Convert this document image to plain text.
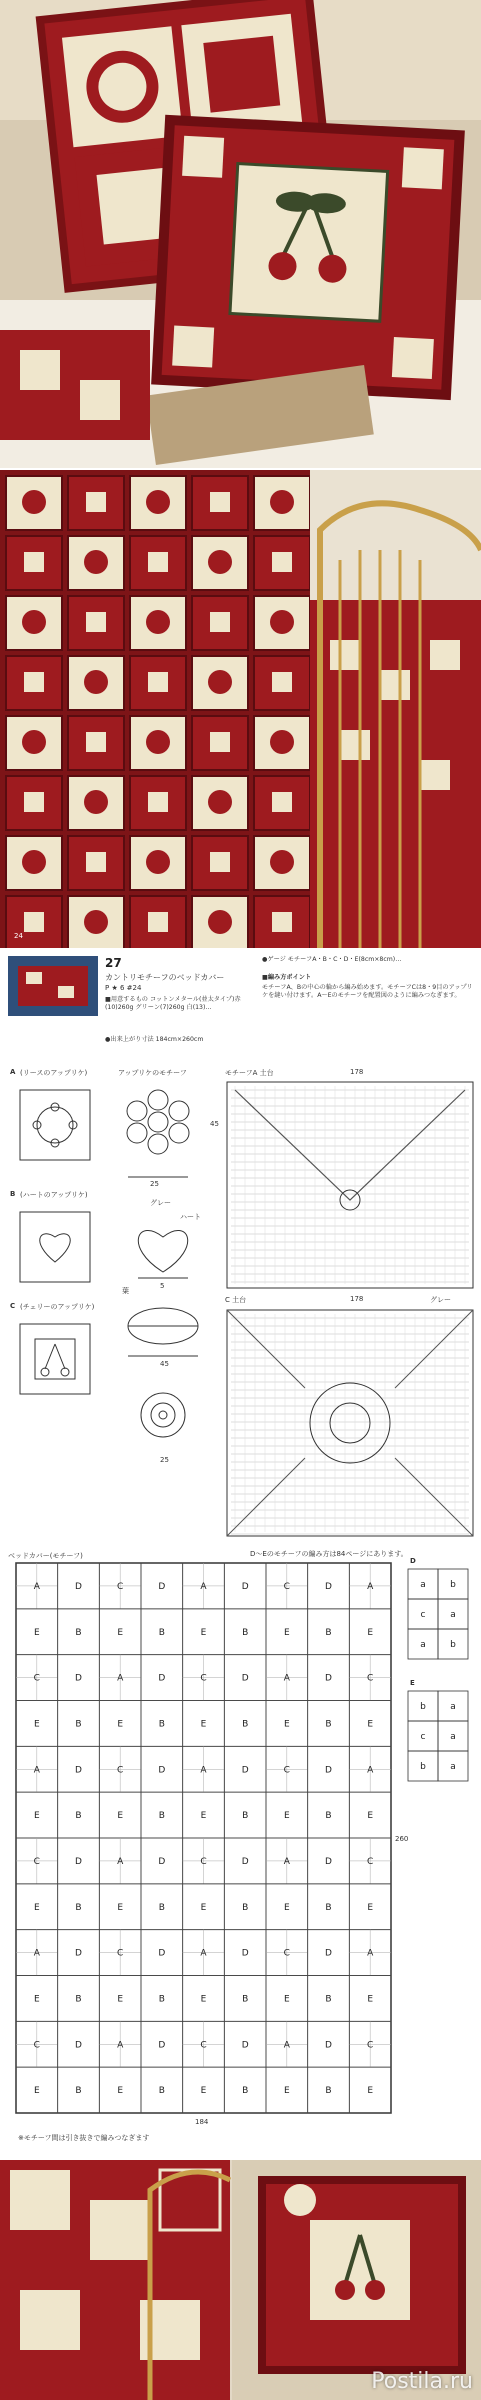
24
27
カントリモチーフのベッドカバー
P ★ 6 #24
■用意するもの コットンメタール(並太タイプ)赤(10)260g グリーン(7)260g 白(13)…
●出来上がり寸法 184cm×260cm
●ゲージ モチーフA・B・C・D・E(8cm×8cm)…
■編み方ポイント
モチーフA、Bの中心の輪から編み始めます。モチーフCは8・9目のアップリケを縫い付けます。A〜Eのモチーフを配置図のように編みつなぎます。
A (リースのアップリケ)
B (ハートのアップリケ)
C (チェリーのアップリケ)
アップリケのモチーフ
25
45
グレー
ハート
5
葉
45
25
モチーフA 土台	178
C 土台	178	グレー
ベッドカバー(モチーフ)	D〜Eのモチーフの編み方は84ページにあります。
A	D	C	D	A	D	C	D	A
E	B	E	B	E	B	E	B	E
C	D	A	D	C	D	A	D	C
E	B	E	B	E	B	E	B	E
A	D	C	D	A	D	C	D	A
E	B	E	B	E	B	E	B	E
C	D	A	D	C	D	A	D	C
E	B	E	B	E	B	E	B	E
A	D	C	D	A	D	C	D	A
E	B	E	B	E	B	E	B	E
C	D	A	D	C	D	A	D	C
E	B	E	B	E	B	E	B	E
a	b
c	a
a	b
b	a
c	a
b	a
260
184
※モチーフ間は引き抜きで編みつなぎます
D
E
Postila.ru
